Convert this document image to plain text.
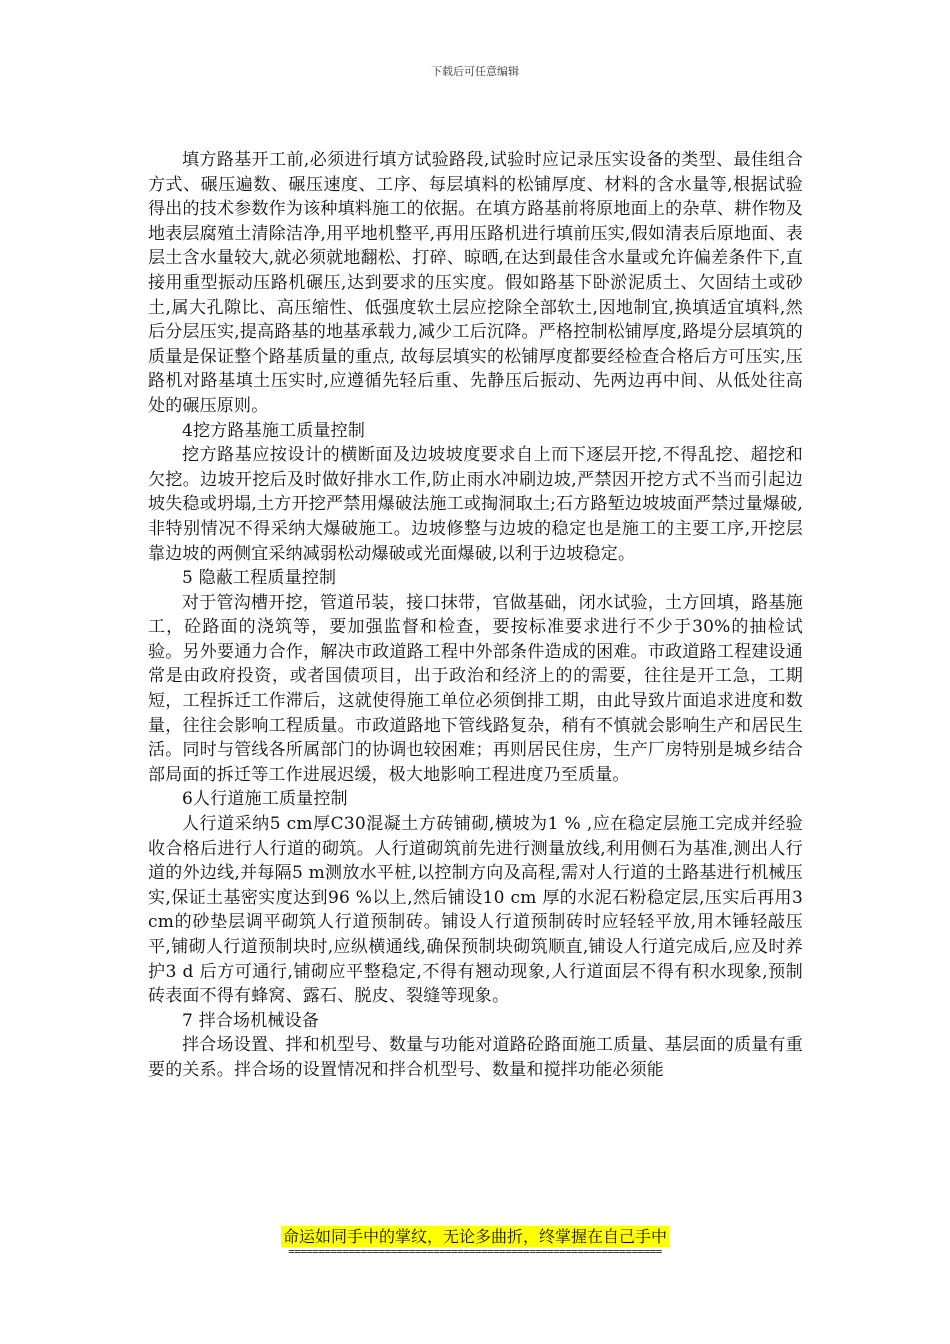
下载后可任意编辑

填方路基开工前,必须进行填方试验路段,试验时应记录压实设备的类型、最佳组合方式、碾压遍数、碾压速度、工序、每层填料的松铺厚度、材料的含水量等,根据试验得出的技术参数作为该种填料施工的依据。在填方路基前将原地面上的杂草、耕作物及地表层腐殖土清除洁净,用平地机整平,再用压路机进行填前压实,假如清表后原地面、表层土含水量较大,就必须就地翻松、打碎、晾晒,在达到最佳含水量或允许偏差条件下,直接用重型振动压路机碾压,达到要求的压实度。假如路基下卧淤泥质土、欠固结土或砂土,属大孔隙比、高压缩性、低强度软土层应挖除全部软土,因地制宜,换填适宜填料,然后分层压实,提高路基的地基承载力,减少工后沉降。严格控制松铺厚度,路堤分层填筑的质量是保证整个路基质量的重点, 故每层填实的松铺厚度都要经检查合格后方可压实,压路机对路基填土压实时,应遵循先轻后重、先静压后振动、先两边再中间、从低处往高处的碾压原则。

4挖方路基施工质量控制

挖方路基应按设计的横断面及边坡坡度要求自上而下逐层开挖,不得乱挖、超挖和欠挖。边坡开挖后及时做好排水工作,防止雨水冲刷边坡,严禁因开挖方式不当而引起边坡失稳或坍塌,土方开挖严禁用爆破法施工或掏洞取土;石方路堑边坡坡面严禁过量爆破,非特别情况不得采纳大爆破施工。边坡修整与边坡的稳定也是施工的主要工序,开挖层靠边坡的两侧宜采纳减弱松动爆破或光面爆破,以利于边坡稳定。

5 隐蔽工程质量控制

对于管沟槽开挖，管道吊装，接口抹带，官做基础，闭水试验，土方回填，路基施工，砼路面的浇筑等，要加强监督和检查，要按标准要求进行不少于30%的抽检试验。另外要通力合作，解决市政道路工程中外部条件造成的困难。市政道路工程建设通常是由政府投资，或者国债项目，出于政治和经济上的的需要，往往是开工急，工期短，工程拆迁工作滞后，这就使得施工单位必须倒排工期，由此导致片面追求进度和数量，往往会影响工程质量。市政道路地下管线路复杂，稍有不慎就会影响生产和居民生活。同时与管线各所属部门的协调也较困难；再则居民住房，生产厂房特别是城乡结合部局面的拆迁等工作进展迟缓，极大地影响工程进度乃至质量。

6人行道施工质量控制

人行道采纳5 cm厚C30混凝土方砖铺砌,横坡为1 % ,应在稳定层施工完成并经验收合格后进行人行道的砌筑。人行道砌筑前先进行测量放线,利用侧石为基准,测出人行道的外边线,并每隔5 m测放水平桩,以控制方向及高程,需对人行道的土路基进行机械压实,保证土基密实度达到96 %以上,然后铺设10 cm 厚的水泥石粉稳定层,压实后再用3 cm的砂垫层调平砌筑人行道预制砖。铺设人行道预制砖时应轻轻平放,用木锤轻敲压平,铺砌人行道预制块时,应纵横通线,确保预制块砌筑顺直,铺设人行道完成后,应及时养护3 d 后方可通行,铺砌应平整稳定,不得有翘动现象,人行道面层不得有积水现象,预制砖表面不得有蜂窝、露石、脱皮、裂缝等现象。

7 拌合场机械设备

拌合场设置、拌和机型号、数量与功能对道路砼路面施工质量、基层面的质量有重要的关系。拌合场的设置情况和拌合机型号、数量和搅拌功能必须能

命运如同手中的掌纹，无论多曲折，终掌握在自己手中
==============================================================
